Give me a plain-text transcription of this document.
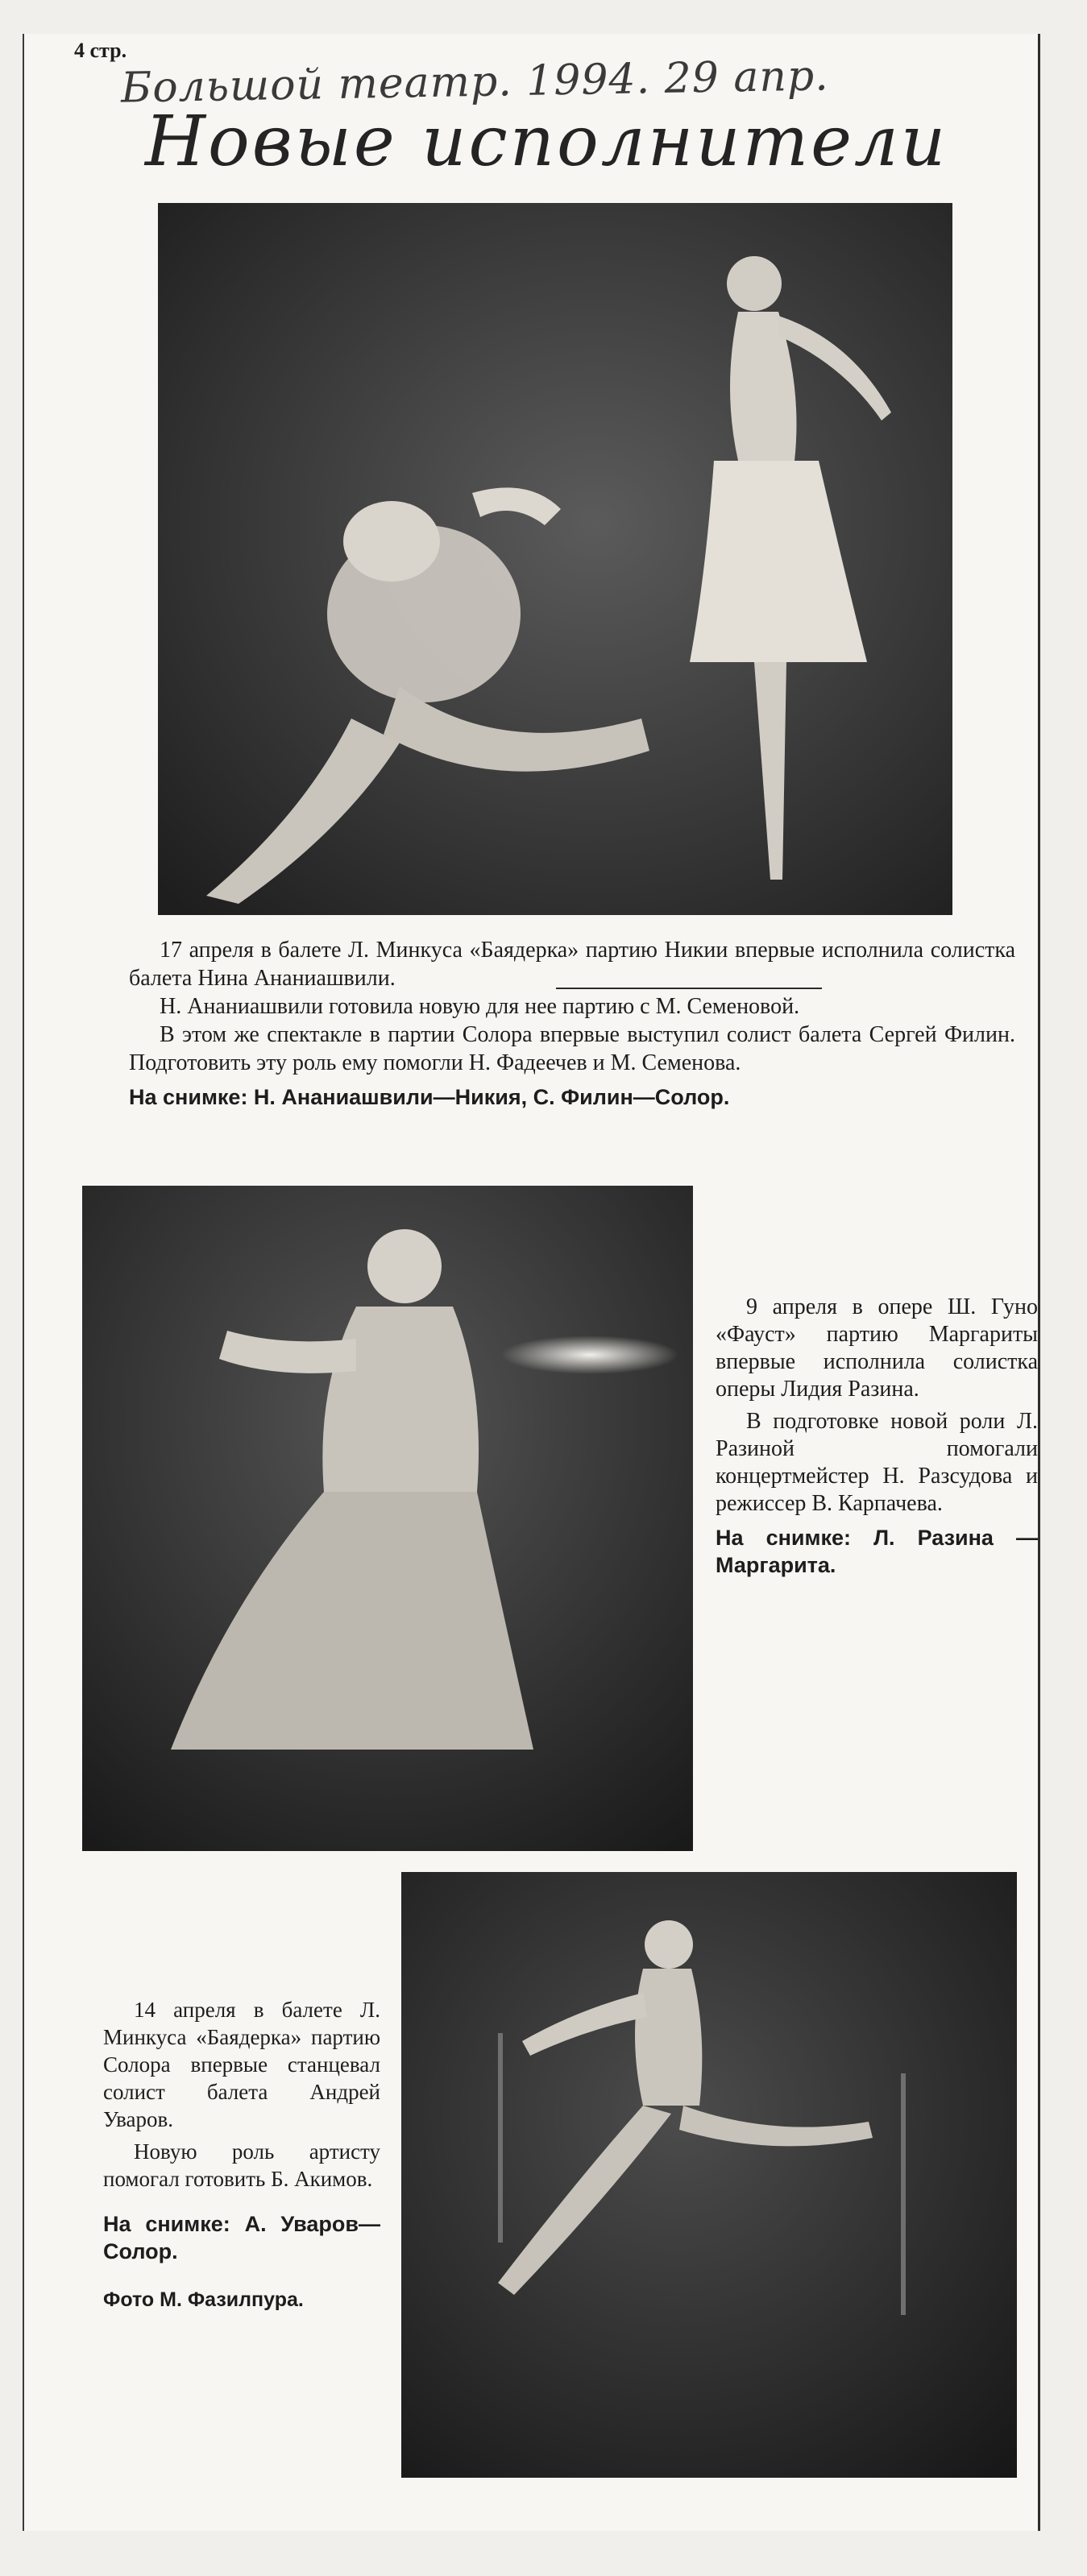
4 стр.
Большой театр. 1994. 29 апр.
Новые исполнители

17 апреля в балете Л. Минкуса «Баядерка» партию Никии впервые исполнила солистка балета Нина Ананиашвили.

Н. Ананиашвили готовила новую для нее партию с М. Семеновой.

В этом же спектакле в партии Солора впервые выступил солист балета Сергей Филин. Подготовить эту роль ему помогли Н. Фадеечев и М. Семенова.

На снимке: Н. Ананиашвили—Никия, С. Филин—Солор.

9 апреля в опере Ш. Гуно «Фауст» партию Маргариты впервые исполнила солистка оперы Лидия Разина.

В подготовке новой роли Л. Разиной помогали концертмейстер Н. Разсудова и режиссер В. Карпачева.

На снимке: Л. Разина — Маргарита.

14 апреля в балете Л. Минкуса «Баядерка» партию Солора впервые станцевал солист балета Андрей Уваров.

Новую роль артисту помогал готовить Б. Акимов.

На снимке: А. Уваров—Солор.

Фото М. Фазилпура.
